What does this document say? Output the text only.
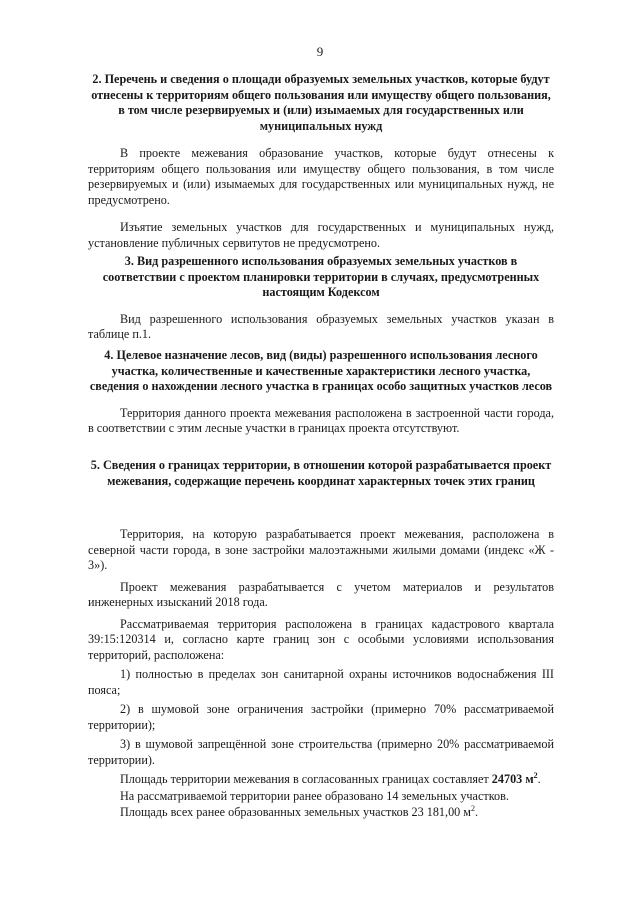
9

2. Перечень и сведения о площади образуемых земельных участков, которые будут отнесены к территориям общего пользования или имуществу общего пользования, в том числе резервируемых и (или) изымаемых для государственных или муниципальных нужд

В проекте межевания образование участков, которые будут отнесены к территориям общего пользования или имуществу общего пользования, в том числе резервируемых и (или) изымаемых для государственных или муниципальных нужд, не предусмотрено.

Изъятие земельных участков для государственных и муниципальных нужд, установление публичных сервитутов не предусмотрено.

3. Вид разрешенного использования образуемых земельных участков в соответствии с проектом планировки территории в случаях, предусмотренных настоящим Кодексом

Вид разрешенного использования образуемых земельных участков указан в таблице п.1.

4. Целевое назначение лесов, вид (виды) разрешенного использования лесного участка, количественные и качественные характеристики лесного участка, сведения о нахождении лесного участка в границах особо защитных участков лесов

Территория данного проекта межевания расположена в застроенной части города, в соответствии с этим лесные участки в границах проекта отсутствуют.

5. Сведения о границах территории, в отношении которой разрабатывается проект межевания, содержащие перечень координат характерных точек этих границ

Территория, на которую разрабатывается проект межевания, расположена в северной части города, в зоне застройки малоэтажными жилыми домами (индекс «Ж - 3»).

Проект межевания разрабатывается с учетом материалов и результатов инженерных изысканий 2018 года.

Рассматриваемая территория расположена в границах кадастрового квартала 39:15:120314 и, согласно карте границ зон с особыми условиями использования территорий, расположена:

1) полностью в пределах зон санитарной охраны источников водоснабжения III пояса;

2) в шумовой зоне ограничения застройки (примерно 70% рассматриваемой территории);

3) в шумовой запрещённой зоне строительства (примерно 20% рассматриваемой территории).

Площадь территории межевания в согласованных границах составляет 24703 $м^2$.

На рассматриваемой территории ранее образовано 14 земельных участков.

Площадь всех ранее образованных земельных участков 23 181,00 $м^2$.
